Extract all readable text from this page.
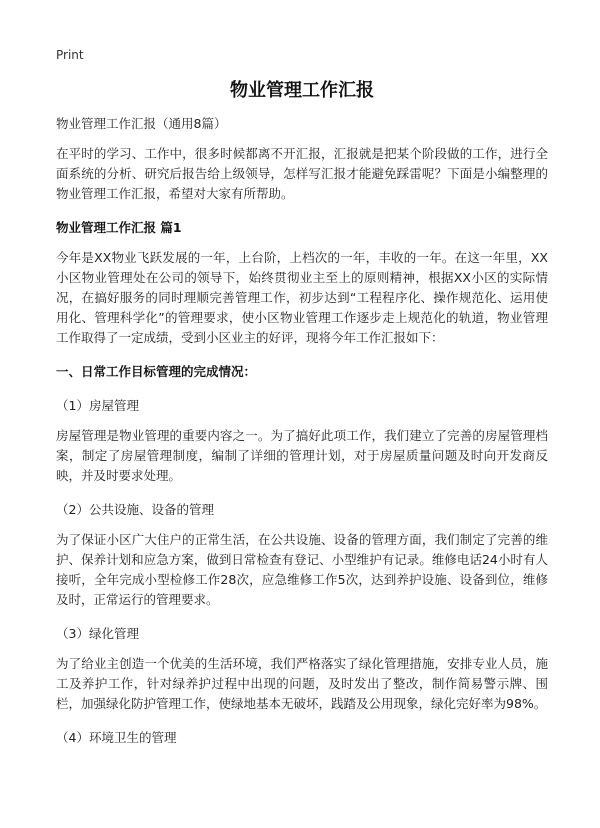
Print
物业管理工作汇报

物业管理工作汇报（通用8篇）

在平时的学习、工作中，很多时候都离不开汇报，汇报就是把某个阶段做的工作，进行全面系统的分析、研究后报告给上级领导，怎样写汇报才能避免踩雷呢？下面是小编整理的物业管理工作汇报，希望对大家有所帮助。

物业管理工作汇报 篇1

今年是XX物业飞跃发展的一年，上台阶，上档次的一年，丰收的一年。在这一年里，XX小区物业管理处在公司的领导下，始终贯彻业主至上的原则精神，根据XX小区的实际情况，在搞好服务的同时理顺完善管理工作，初步达到“工程程序化、操作规范化、运用使用化、管理科学化”的管理要求，使小区物业管理工作逐步走上规范化的轨道，物业管理工作取得了一定成绩，受到小区业主的好评，现将今年工作汇报如下：

一、日常工作目标管理的完成情况：
（1）房屋管理

房屋管理是物业管理的重要内容之一。为了搞好此项工作，我们建立了完善的房屋管理档案，制定了房屋管理制度，编制了详细的管理计划，对于房屋质量问题及时向开发商反映，并及时要求处理。

（2）公共设施、设备的管理

为了保证小区广大住户的正常生活，在公共设施、设备的管理方面，我们制定了完善的维护、保养计划和应急方案，做到日常检查有登记、小型维护有记录。维修电话24小时有人接听，全年完成小型检修工作28次，应急维修工作5次，达到养护设施、设备到位，维修及时，正常运行的管理要求。

（3）绿化管理

为了给业主创造一个优美的生活环境，我们严格落实了绿化管理措施，安排专业人员，施工及养护工作，针对绿养护过程中出现的问题，及时发出了整改，制作简易警示牌、围栏，加强绿化防护管理工作，使绿地基本无破坏，践踏及公用现象，绿化完好率为98%。

（4）环境卫生的管理
